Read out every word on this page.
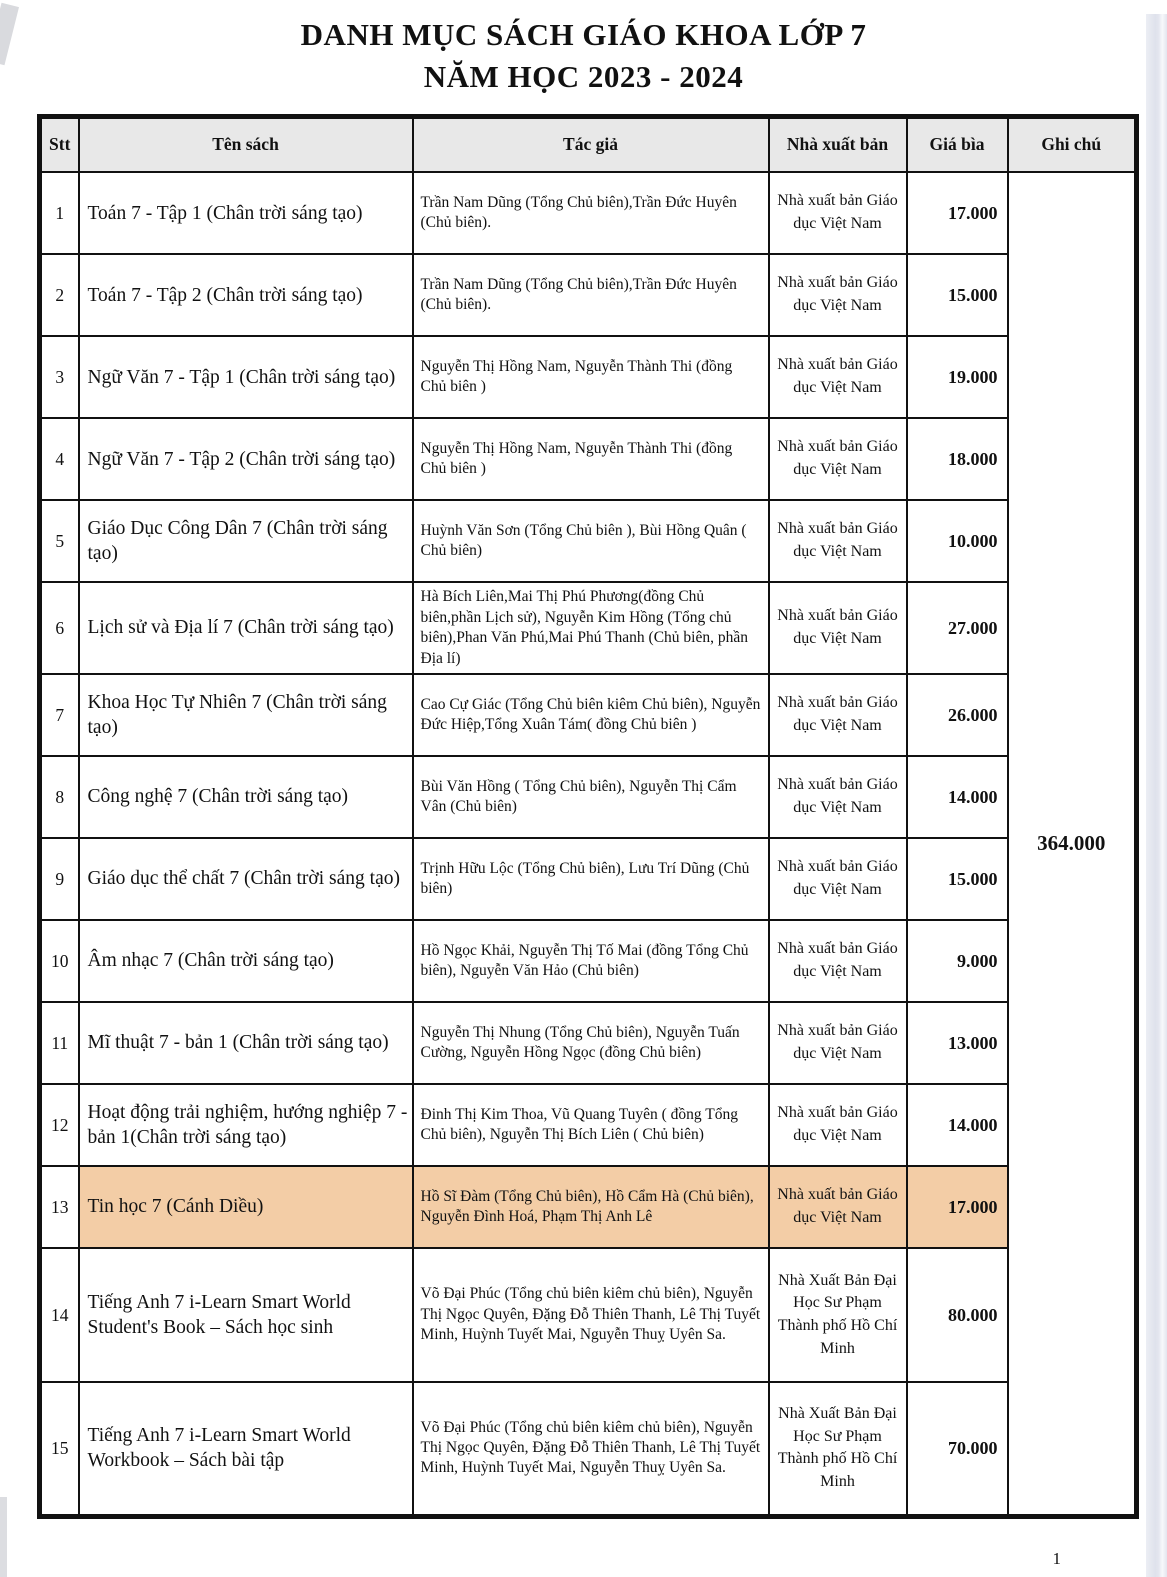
DANH MỤC SÁCH GIÁO KHOA LỚP 7
NĂM HỌC 2023 - 2024
Stt	Tên sách	Tác giả	Nhà xuất bản	Giá bìa	Ghi chú
1	Toán 7 - Tập 1 (Chân trời sáng tạo)	Trần Nam Dũng (Tổng Chủ biên),Trần Đức Huyên (Chủ biên).	Nhà xuất bản Giáo dục Việt Nam	17.000	364.000
2	Toán 7 - Tập 2 (Chân trời sáng tạo)	Trần Nam Dũng (Tổng Chủ biên),Trần Đức Huyên (Chủ biên).	Nhà xuất bản Giáo dục Việt Nam	15.000	
3	Ngữ Văn 7 - Tập 1 (Chân trời sáng tạo)	Nguyễn Thị Hồng Nam, Nguyễn Thành Thi (đồng Chủ biên )	Nhà xuất bản Giáo dục Việt Nam	19.000	
4	Ngữ Văn 7 - Tập 2 (Chân trời sáng tạo)	Nguyễn Thị Hồng Nam, Nguyễn Thành Thi (đồng Chủ biên )	Nhà xuất bản Giáo dục Việt Nam	18.000	
5	Giáo Dục Công Dân 7 (Chân trời sáng tạo)	Huỳnh Văn Sơn (Tổng Chủ biên ), Bùi Hồng Quân ( Chủ biên)	Nhà xuất bản Giáo dục Việt Nam	10.000	
6	Lịch sử và Địa lí 7 (Chân trời sáng tạo)	Hà Bích Liên,Mai Thị Phú Phương(đồng Chủ biên,phần Lịch sử), Nguyễn Kim Hồng (Tổng chủ biên),Phan Văn Phú,Mai Phú Thanh (Chủ biên, phần Địa lí)	Nhà xuất bản Giáo dục Việt Nam	27.000	
7	Khoa Học Tự Nhiên 7 (Chân trời sáng tạo)	Cao Cự Giác (Tổng Chủ biên kiêm Chủ biên), Nguyễn Đức Hiệp,Tổng Xuân Tám( đồng Chủ biên )	Nhà xuất bản Giáo dục Việt Nam	26.000	
8	Công nghệ 7 (Chân trời sáng tạo)	Bùi Văn Hồng ( Tổng Chủ biên), Nguyễn Thị Cẩm Vân (Chủ biên)	Nhà xuất bản Giáo dục Việt Nam	14.000	
9	Giáo dục thể chất 7 (Chân trời sáng tạo)	Trịnh Hữu Lộc (Tổng Chủ biên), Lưu Trí Dũng (Chủ biên)	Nhà xuất bản Giáo dục Việt Nam	15.000	
10	Âm nhạc 7 (Chân trời sáng tạo)	Hồ Ngọc Khải, Nguyễn Thị Tố Mai (đồng Tổng Chủ biên), Nguyễn Văn Hảo (Chủ biên)	Nhà xuất bản Giáo dục Việt Nam	9.000	
11	Mĩ thuật 7 - bản 1 (Chân trời sáng tạo)	Nguyễn Thị Nhung (Tổng Chủ biên), Nguyễn Tuấn Cường, Nguyễn Hồng Ngọc (đồng Chủ biên)	Nhà xuất bản Giáo dục Việt Nam	13.000	
12	Hoạt động trải nghiệm, hướng nghiệp 7 - bản 1(Chân trời sáng tạo)	Đinh Thị Kim Thoa, Vũ Quang Tuyên ( đồng Tổng Chủ biên), Nguyễn Thị Bích Liên ( Chủ biên)	Nhà xuất bản Giáo dục Việt Nam	14.000	
13	Tin học 7 (Cánh Diều)	Hồ Sĩ Đàm (Tổng Chủ biên), Hồ Cẩm Hà (Chủ biên), Nguyễn Đình Hoá, Phạm Thị Anh Lê	Nhà xuất bản Giáo dục Việt Nam	17.000	
14	Tiếng Anh 7 i-Learn Smart World Student's Book – Sách học sinh	Võ Đại Phúc (Tổng chủ biên kiêm chủ biên), Nguyễn Thị Ngọc Quyên, Đặng Đỗ Thiên Thanh, Lê Thị Tuyết Minh, Huỳnh Tuyết Mai, Nguyễn Thuỵ Uyên Sa.	Nhà Xuất Bản Đại Học Sư Phạm Thành phố Hồ Chí Minh	80.000	
15	Tiếng Anh 7 i-Learn Smart World Workbook – Sách bài tập	Võ Đại Phúc (Tổng chủ biên kiêm chủ biên), Nguyễn Thị Ngọc Quyên, Đặng Đỗ Thiên Thanh, Lê Thị Tuyết Minh, Huỳnh Tuyết Mai, Nguyễn Thuỵ Uyên Sa.	Nhà Xuất Bản Đại Học Sư Phạm Thành phố Hồ Chí Minh	70.000	
1
